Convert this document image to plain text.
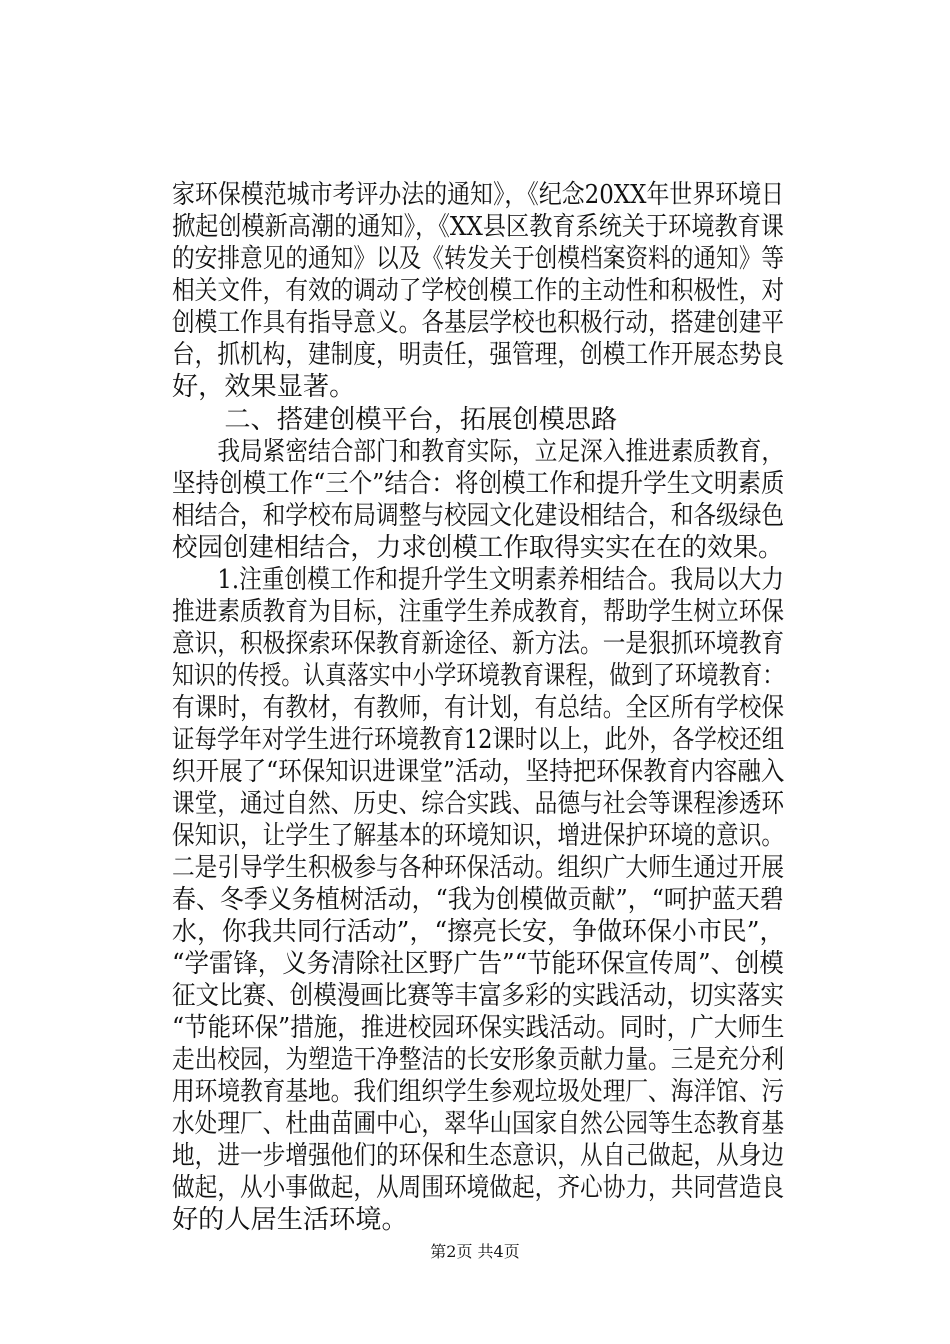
家环保模范城市考评办法的通知》，《纪念20XX年世界环境日
掀起创模新高潮的通知》，《XX县区教育系统关于环境教育课
的安排意见的通知》以及《转发关于创模档案资料的通知》等
相关文件，有效的调动了学校创模工作的主动性和积极性，对
创模工作具有指导意义。各基层学校也积极行动，搭建创建平
台，抓机构，建制度，明责任，强管理，创模工作开展态势良
好，效果显著。
　　二、搭建创模平台，拓展创模思路
　　我局紧密结合部门和教育实际，立足深入推进素质教育，
坚持创模工作“三个”结合：将创模工作和提升学生文明素质
相结合，和学校布局调整与校园文化建设相结合，和各级绿色
校园创建相结合，力求创模工作取得实实在在的效果。
　　1.注重创模工作和提升学生文明素养相结合。我局以大力
推进素质教育为目标，注重学生养成教育，帮助学生树立环保
意识，积极探索环保教育新途径、新方法。一是狠抓环境教育
知识的传授。认真落实中小学环境教育课程，做到了环境教育：
有课时，有教材，有教师，有计划，有总结。全区所有学校保
证每学年对学生进行环境教育12课时以上，此外，各学校还组
织开展了“环保知识进课堂”活动，坚持把环保教育内容融入
课堂，通过自然、历史、综合实践、品德与社会等课程渗透环
保知识，让学生了解基本的环境知识，增进保护环境的意识。
二是引导学生积极参与各种环保活动。组织广大师生通过开展
春、冬季义务植树活动，“我为创模做贡献”，“呵护蓝天碧
水，你我共同行活动”，“擦亮长安，争做环保小市民”，
“学雷锋，义务清除社区野广告”“节能环保宣传周”、创模
征文比赛、创模漫画比赛等丰富多彩的实践活动，切实落实
“节能环保”措施，推进校园环保实践活动。同时，广大师生
走出校园，为塑造干净整洁的长安形象贡献力量。三是充分利
用环境教育基地。我们组织学生参观垃圾处理厂、海洋馆、污
水处理厂、杜曲苗圃中心，翠华山国家自然公园等生态教育基
地，进一步增强他们的环保和生态意识，从自己做起，从身边
做起，从小事做起，从周围环境做起，齐心协力，共同营造良
好的人居生活环境。
第2页 共4页
